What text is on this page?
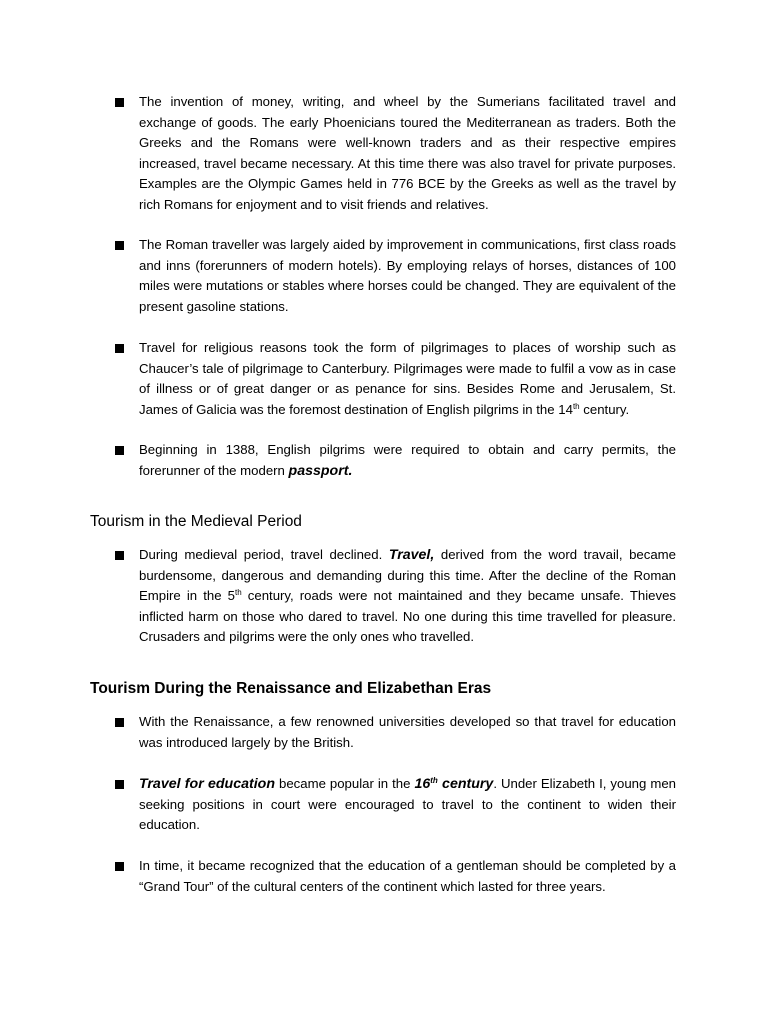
The invention of money, writing, and wheel by the Sumerians facilitated travel and exchange of goods. The early Phoenicians toured the Mediterranean as traders. Both the Greeks and the Romans were well-known traders and as their respective empires increased, travel became necessary. At this time there was also travel for private purposes. Examples are the Olympic Games held in 776 BCE by the Greeks as well as the travel by rich Romans for enjoyment and to visit friends and relatives.

The Roman traveller was largely aided by improvement in communications, first class roads and inns (forerunners of modern hotels). By employing relays of horses, distances of 100 miles were mutations or stables where horses could be changed. They are equivalent of the present gasoline stations.

Travel for religious reasons took the form of pilgrimages to places of worship such as Chaucer’s tale of pilgrimage to Canterbury. Pilgrimages were made to fulfil a vow as in case of illness or of great danger or as penance for sins. Besides Rome and Jerusalem, St. James of Galicia was the foremost destination of English pilgrims in the 14th century.

Beginning in 1388, English pilgrims were required to obtain and carry permits, the forerunner of the modern passport.

Tourism in the Medieval Period

During medieval period, travel declined. Travel, derived from the word travail, became burdensome, dangerous and demanding during this time. After the decline of the Roman Empire in the 5th century, roads were not maintained and they became unsafe. Thieves inflicted harm on those who dared to travel. No one during this time travelled for pleasure. Crusaders and pilgrims were the only ones who travelled.

Tourism During the Renaissance and Elizabethan Eras

With the Renaissance, a few renowned universities developed so that travel for education was introduced largely by the British.

Travel for education became popular in the 16th century. Under Elizabeth I, young men seeking positions in court were encouraged to travel to the continent to widen their education.

In time, it became recognized that the education of a gentleman should be completed by a “Grand Tour” of the cultural centers of the continent which lasted for three years.
